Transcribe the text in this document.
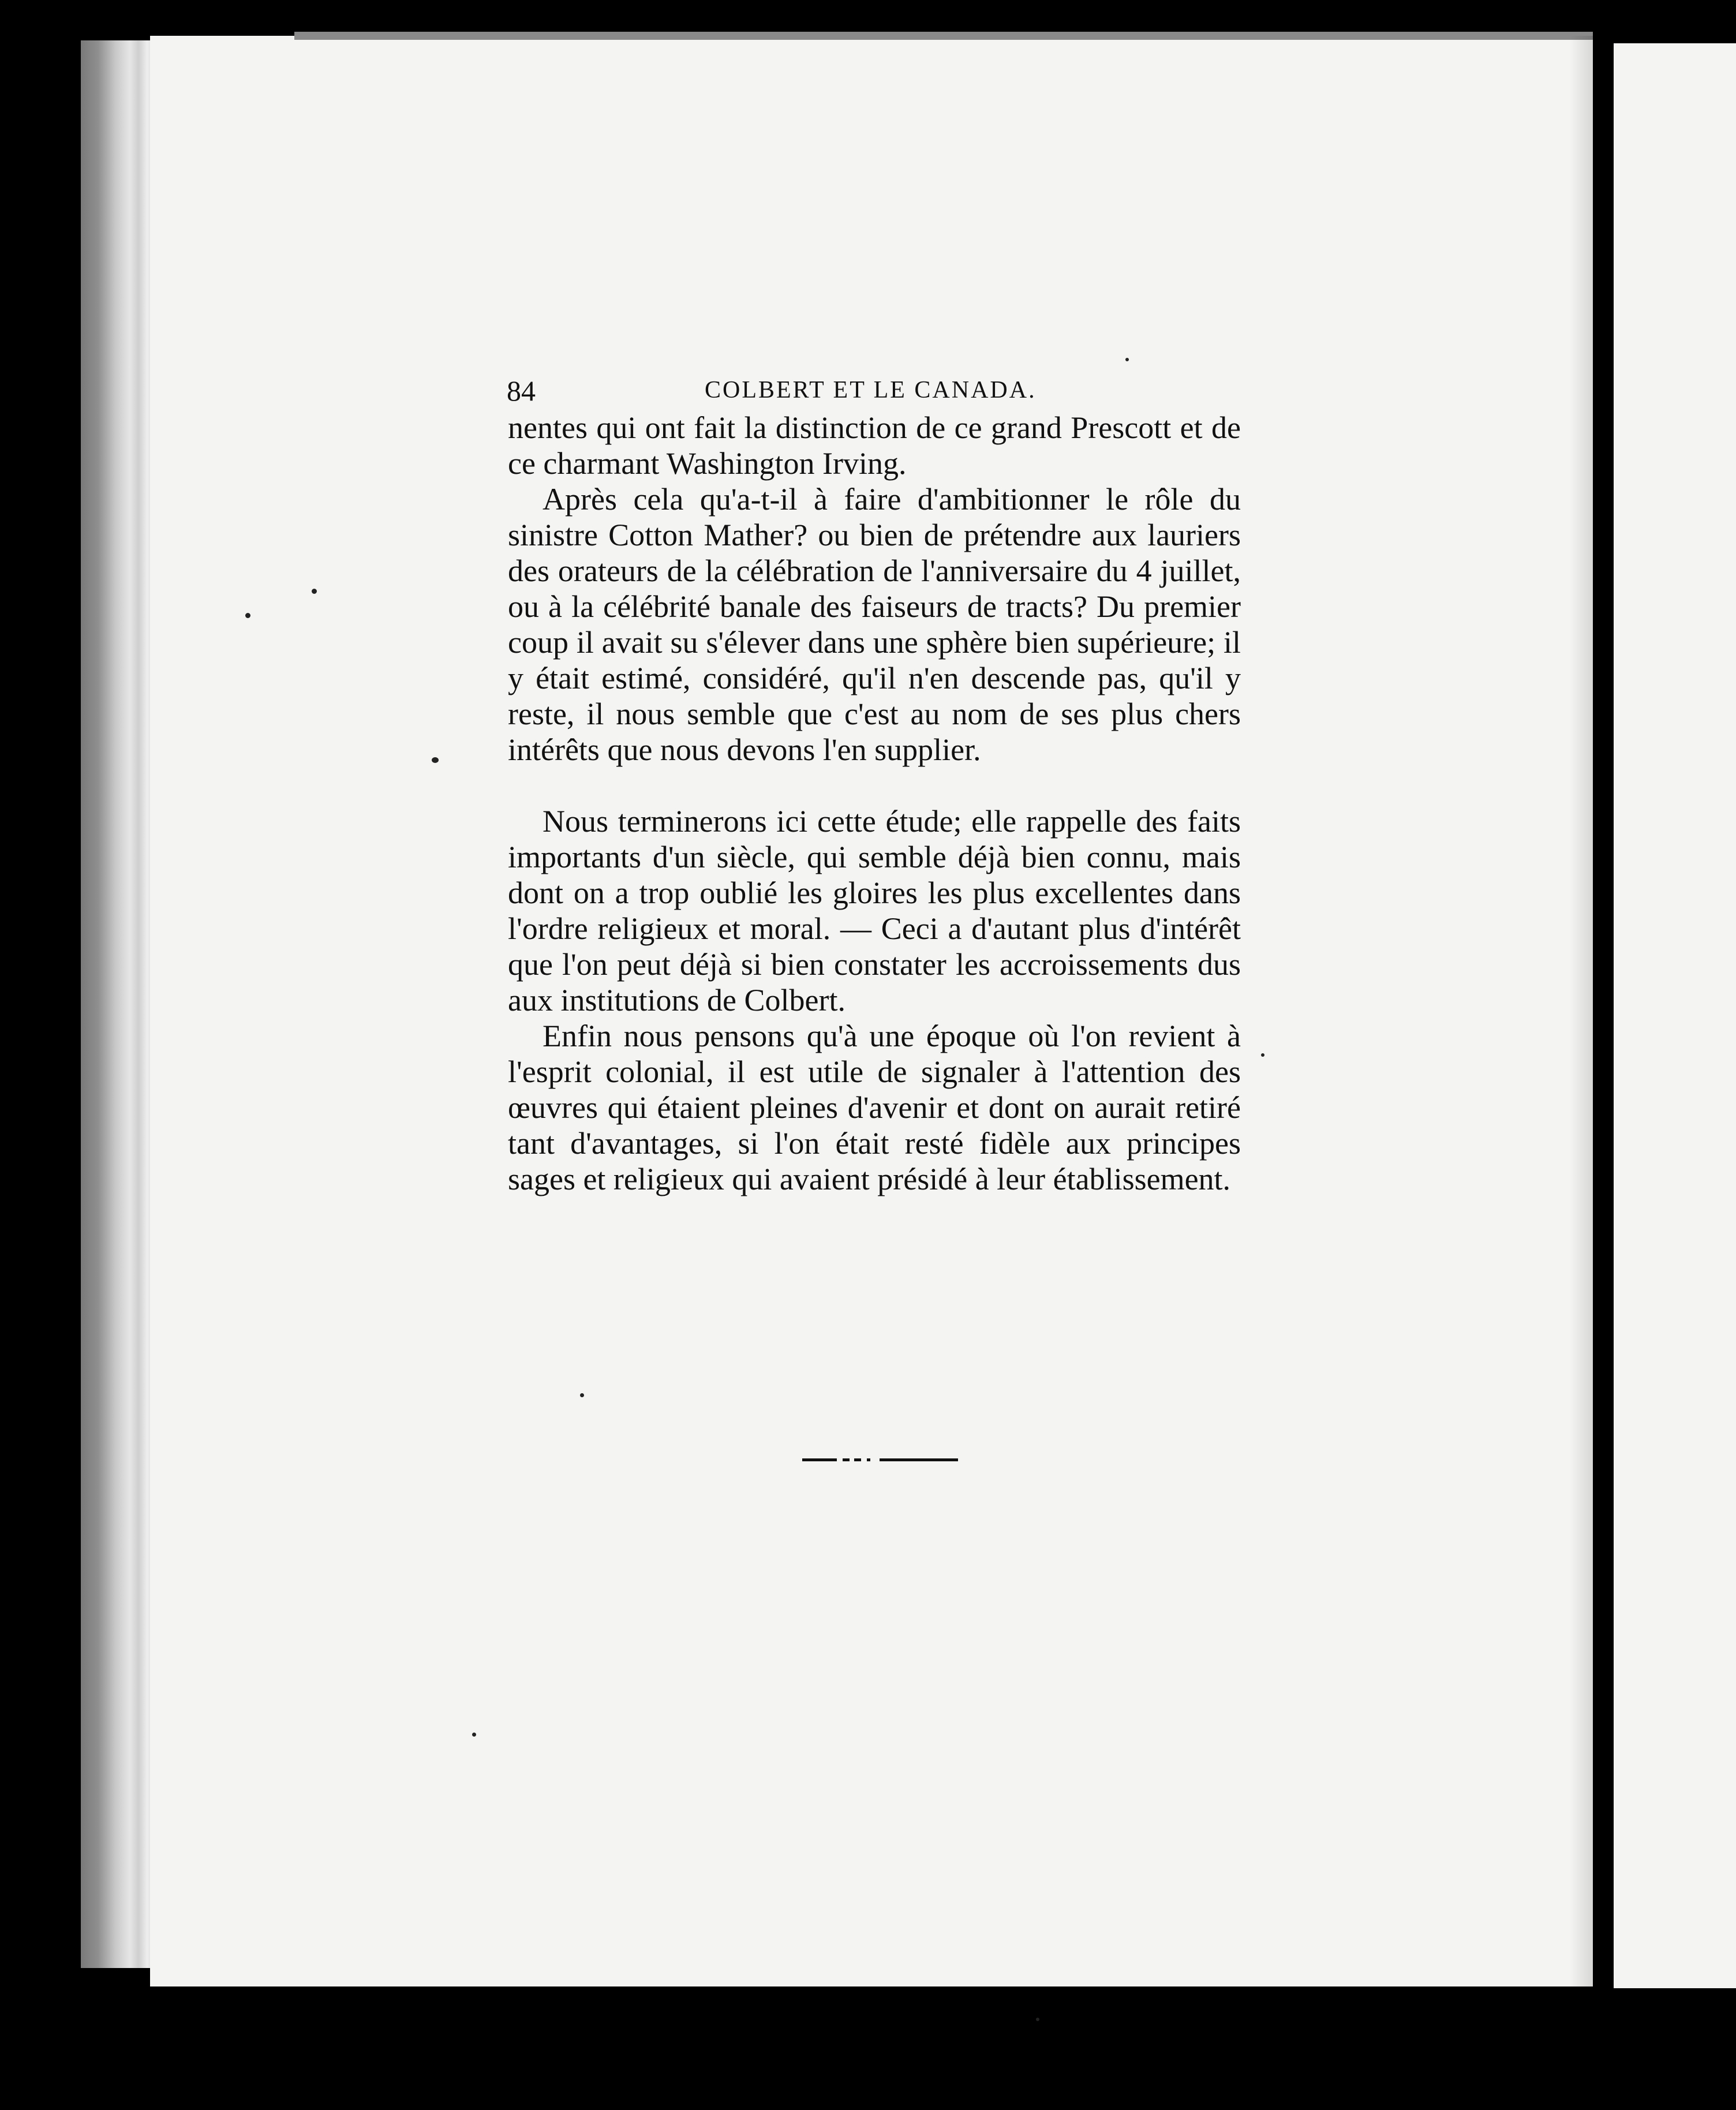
84	COLBERT ET LE CANADA.

nentes qui ont fait la distinction de ce grand Prescott et de ce charmant Washington Irving.

Après cela qu'a-t-il à faire d'ambitionner le rôle du sinistre Cotton Mather? ou bien de prétendre aux lauriers des orateurs de la célébration de l'anniversaire du 4 juillet, ou à la célébrité banale des faiseurs de tracts? Du premier coup il avait su s'élever dans une sphère bien supérieure; il y était estimé, considéré, qu'il n'en descende pas, qu'il y reste, il nous semble que c'est au nom de ses plus chers intérêts que nous devons l'en supplier.

Nous terminerons ici cette étude; elle rappelle des faits importants d'un siècle, qui semble déjà bien connu, mais dont on a trop oublié les gloires les plus excellentes dans l'ordre religieux et moral. — Ceci a d'autant plus d'intérêt que l'on peut déjà si bien constater les accroissements dus aux institutions de Colbert.

Enfin nous pensons qu'à une époque où l'on revient à l'esprit colonial, il est utile de signaler à l'attention des œuvres qui étaient pleines d'avenir et dont on aurait retiré tant d'avantages, si l'on était resté fidèle aux principes sages et religieux qui avaient présidé à leur établissement.
